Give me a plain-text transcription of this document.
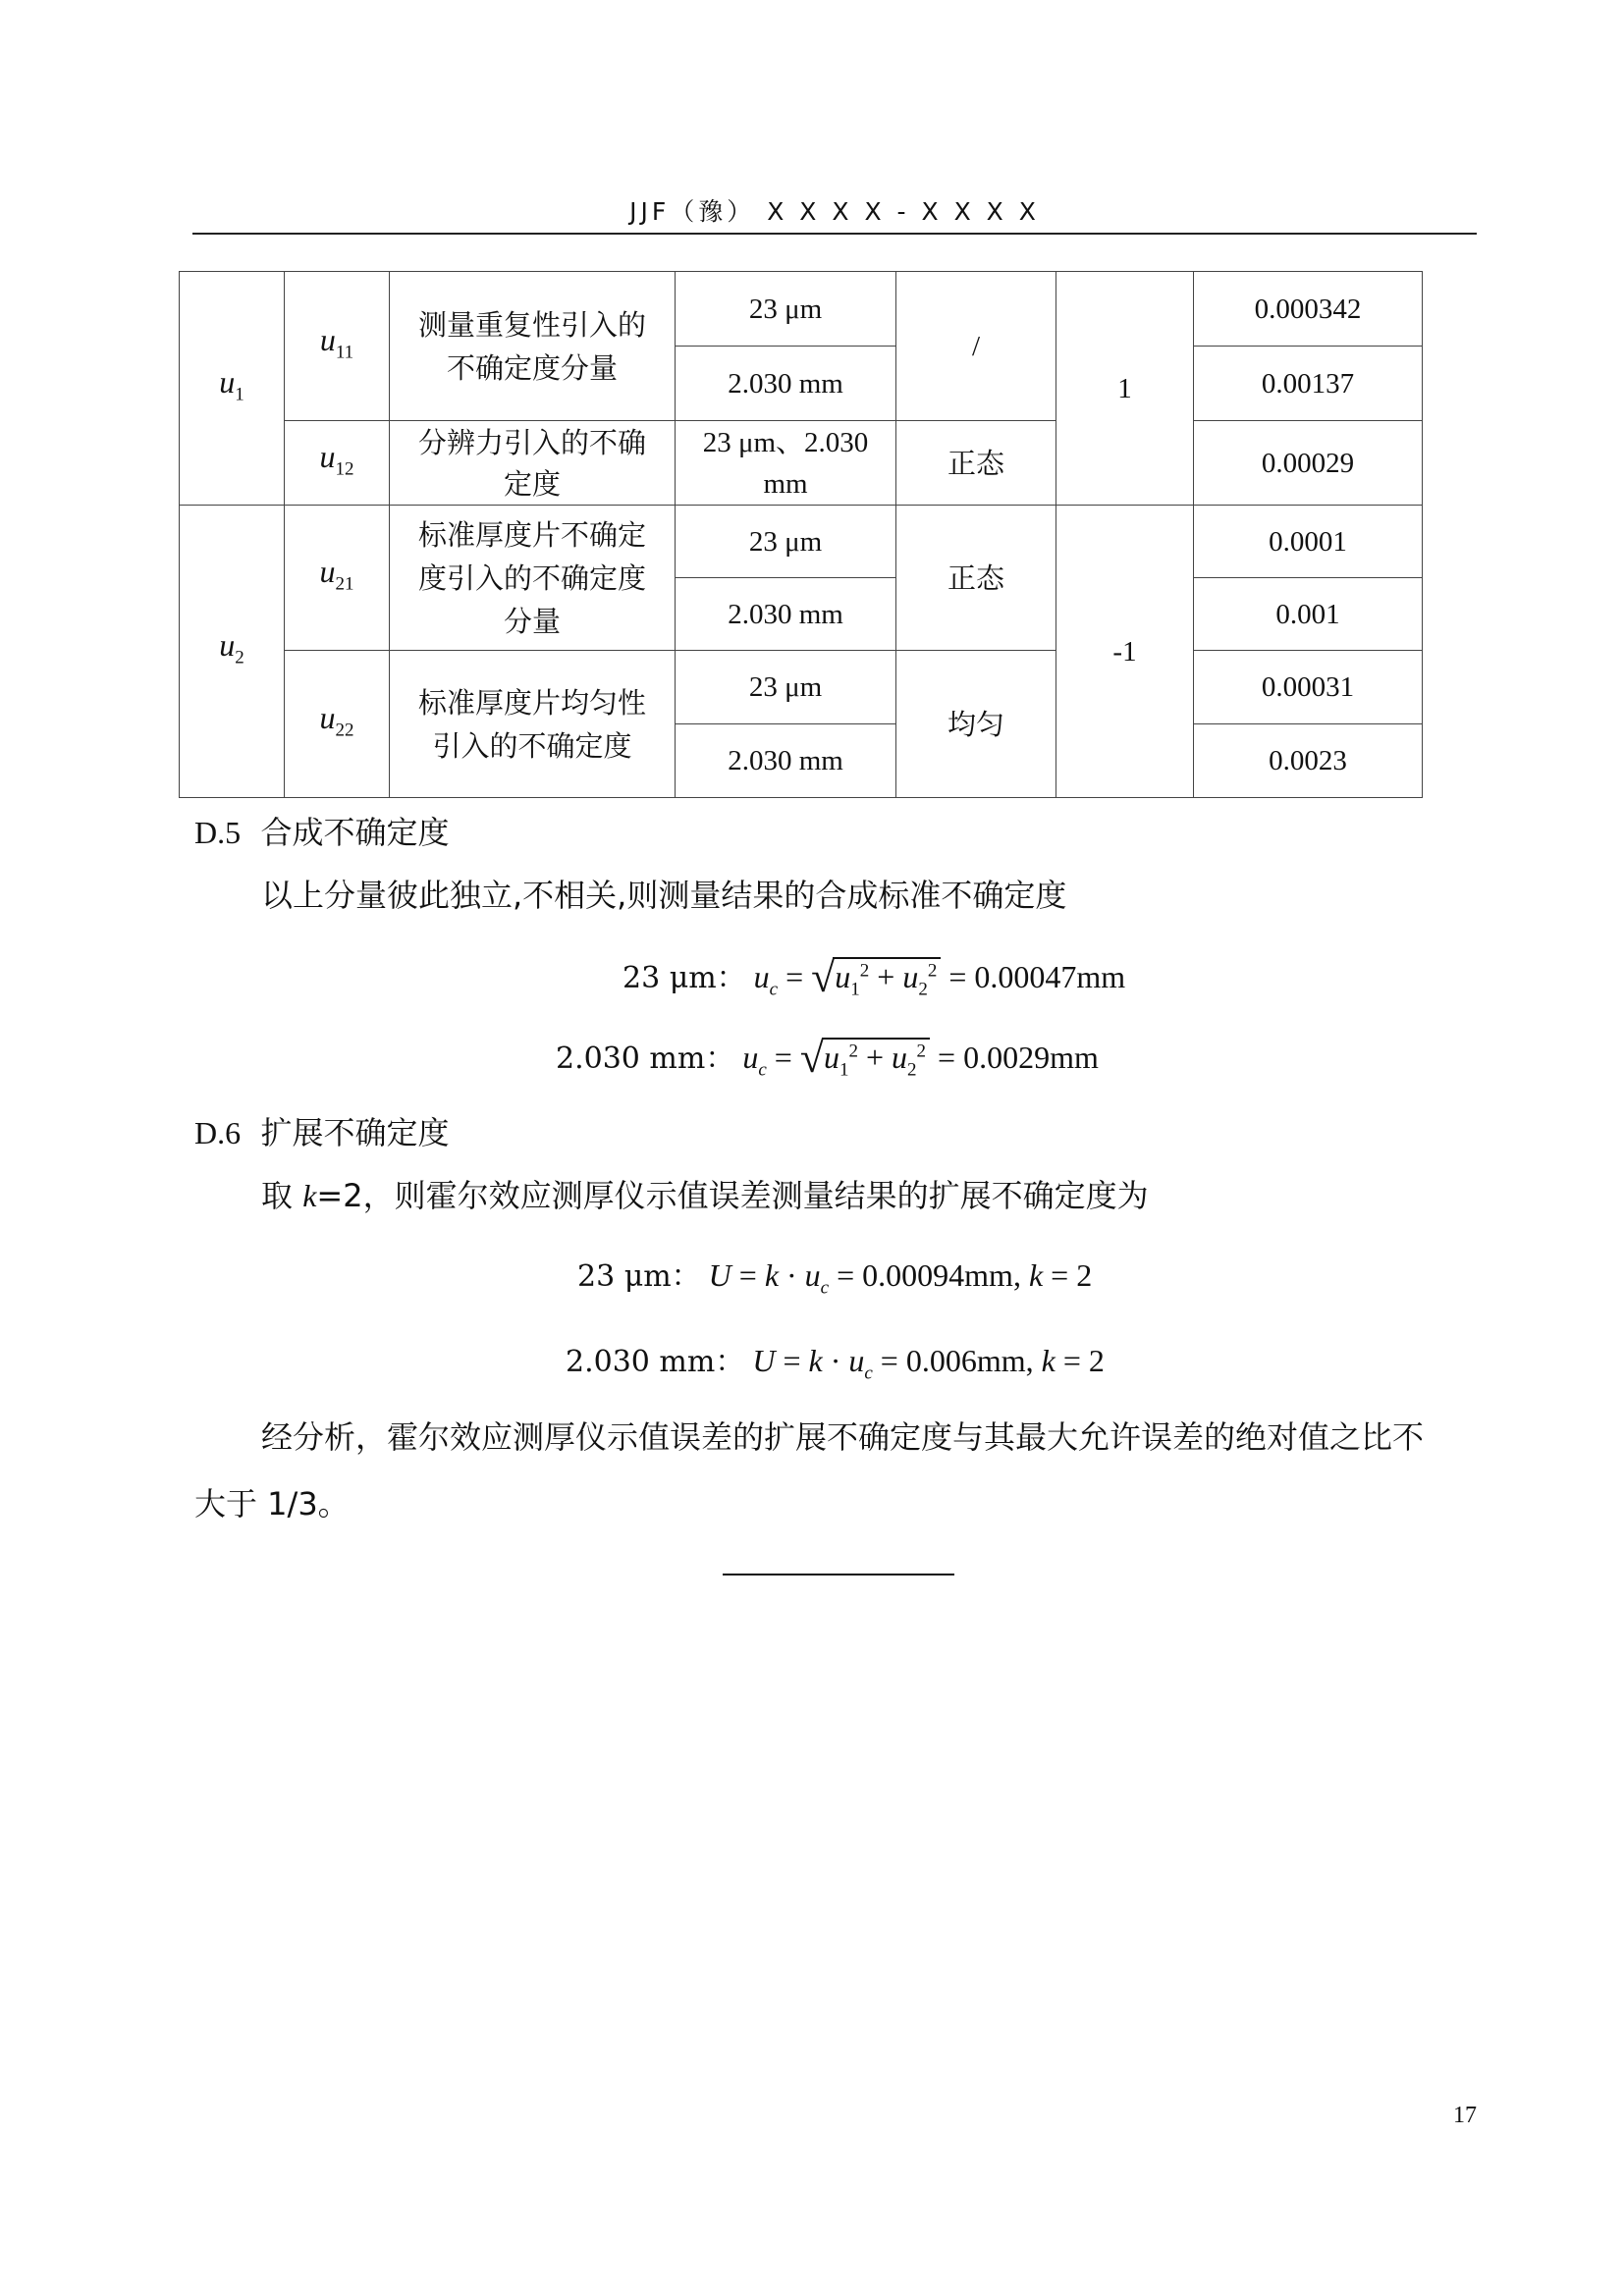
JJF（豫） X X X X - X X X X
$u_1$	$u_{11}$	测量重复性引入的不确定度分量	23 μm	/	1	0.000342
			2.030 mm			0.00137
	$u_{12}$	分辨力引入的不确定度	23 μm、2.030 mm	正态		0.00029
$u_2$	$u_{21}$	标准厚度片不确定度引入的不确定度分量	23 μm	正态	-1	0.0001
			2.030 mm			0.001
	$u_{22}$	标准厚度片均匀性引入的不确定度	23 μm	均匀		0.00031
			2.030 mm			0.0023
D.5 合成不确定度
以上分量彼此独立,不相关,则测量结果的合成标准不确定度
23 μm： $u_c = √u_1^2 + u_2^2 = 0.00047mm$
2.030 mm： $u_c = √u_1^2 + u_2^2 = 0.0029mm$
D.6 扩展不确定度
取 k=2，则霍尔效应测厚仪示值误差测量结果的扩展不确定度为
23 μm： $U = k \cdot u_c = 0.00094mm$, k = 2
2.030 mm： $U = k \cdot u_c = 0.006mm$, k = 2
经分析，霍尔效应测厚仪示值误差的扩展不确定度与其最大允许误差的绝对值之比不
大于 1/3。
17
